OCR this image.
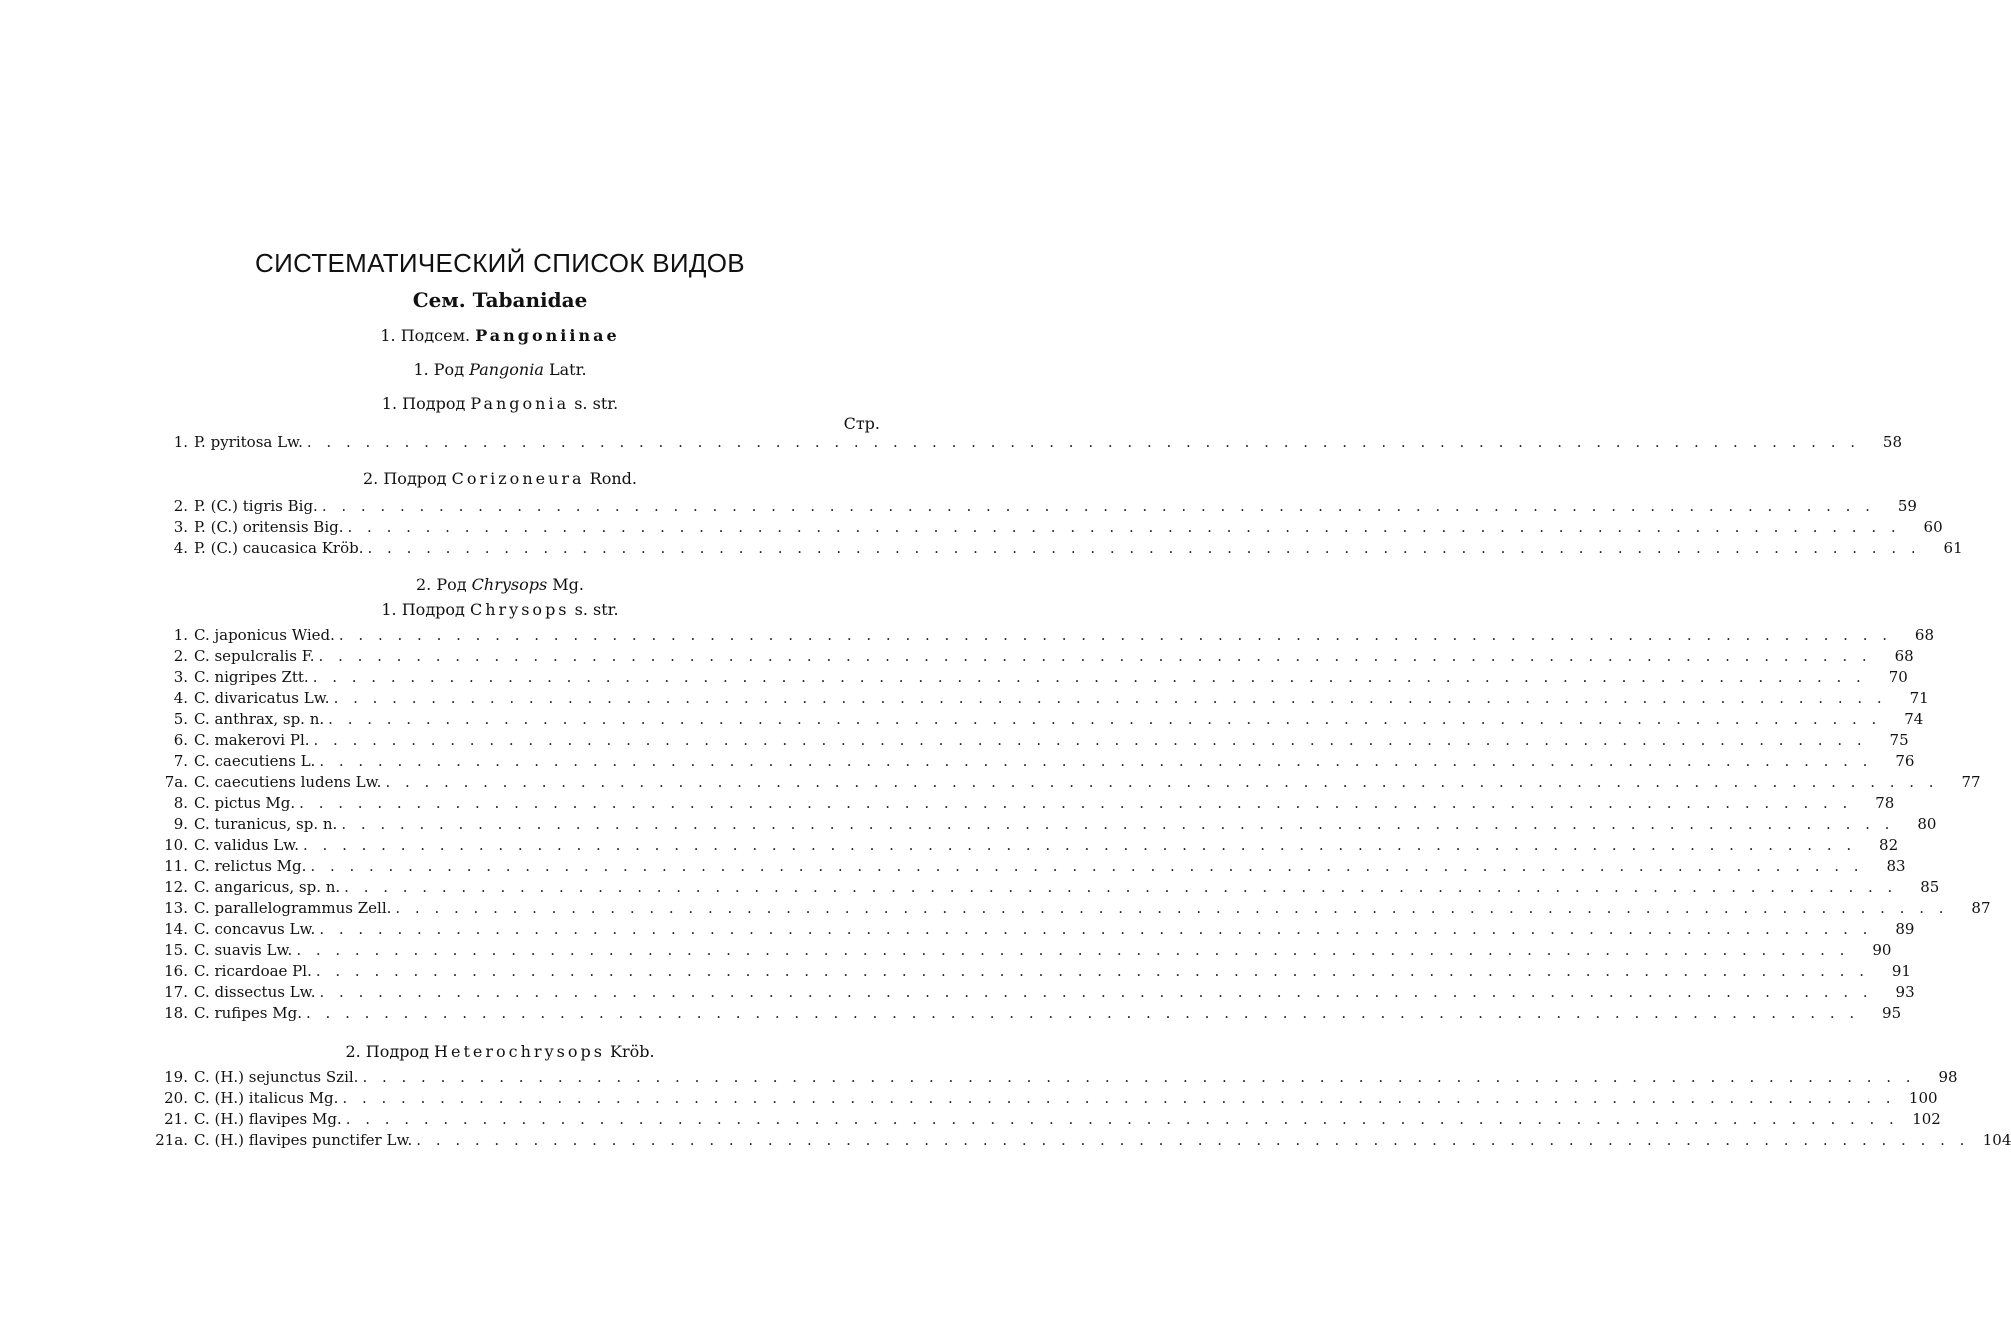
СИСТЕМАТИЧЕСКИЙ СПИСОК ВИДОВ
Сем. Tabanidae
1. Подсем. Pangoniinae
1. Род Pangonia Latr.
1. Подрод Pangonia s. str.
Стр.
1. P. pyritosa Lw. . . . . . . . . . . . . . . . . . . . . . . . . . . . . . . . . . . . . . . . . . . . . . . . . . . . . . . . . . . . . . . . . . . . . . . . . . . . . . . . .	58
2. Подрод Corizoneura Rond.
2. P. (C.) tigris Big. . . . . . . . . . . . . . . . . . . . . . . . . . . . . . . . . . . . . . . . . . . . . . . . . . . . . . . . . . . . . . . . . . . . . . . . . . . . . . . . .	59
3. P. (C.) oritensis Big. . . . . . . . . . . . . . . . . . . . . . . . . . . . . . . . . . . . . . . . . . . . . . . . . . . . . . . . . . . . . . . . . . . . . . . . . . . . . . . . .	60
4. P. (C.) caucasica Kröb. . . . . . . . . . . . . . . . . . . . . . . . . . . . . . . . . . . . . . . . . . . . . . . . . . . . . . . . . . . . . . . . . . . . . . . . . . . . . . . . .	61
2. Род Chrysops Mg.
1. Подрод Chrysops s. str.
1. C. japonicus Wied. . . . . . . . . . . . . . . . . . . . . . . . . . . . . . . . . . . . . . . . . . . . . . . . . . . . . . . . . . . . . . . . . . . . . . . . . . . . . . . . .	68
2. C. sepulcralis F. . . . . . . . . . . . . . . . . . . . . . . . . . . . . . . . . . . . . . . . . . . . . . . . . . . . . . . . . . . . . . . . . . . . . . . . . . . . . . . . .	68
3. C. nigripes Ztt. . . . . . . . . . . . . . . . . . . . . . . . . . . . . . . . . . . . . . . . . . . . . . . . . . . . . . . . . . . . . . . . . . . . . . . . . . . . . . . . .	70
4. C. divaricatus Lw. . . . . . . . . . . . . . . . . . . . . . . . . . . . . . . . . . . . . . . . . . . . . . . . . . . . . . . . . . . . . . . . . . . . . . . . . . . . . . . . .	71
5. C. anthrax, sp. n. . . . . . . . . . . . . . . . . . . . . . . . . . . . . . . . . . . . . . . . . . . . . . . . . . . . . . . . . . . . . . . . . . . . . . . . . . . . . . . . .	74
6. C. makerovi Pl. . . . . . . . . . . . . . . . . . . . . . . . . . . . . . . . . . . . . . . . . . . . . . . . . . . . . . . . . . . . . . . . . . . . . . . . . . . . . . . . .	75
7. C. caecutiens L. . . . . . . . . . . . . . . . . . . . . . . . . . . . . . . . . . . . . . . . . . . . . . . . . . . . . . . . . . . . . . . . . . . . . . . . . . . . . . . . .	76
7a. C. caecutiens ludens Lw. . . . . . . . . . . . . . . . . . . . . . . . . . . . . . . . . . . . . . . . . . . . . . . . . . . . . . . . . . . . . . . . . . . . . . . . . . . . . . . . .	77
8. C. pictus Mg. . . . . . . . . . . . . . . . . . . . . . . . . . . . . . . . . . . . . . . . . . . . . . . . . . . . . . . . . . . . . . . . . . . . . . . . . . . . . . . . .	78
9. C. turanicus, sp. n. . . . . . . . . . . . . . . . . . . . . . . . . . . . . . . . . . . . . . . . . . . . . . . . . . . . . . . . . . . . . . . . . . . . . . . . . . . . . . . . .	80
10. C. validus Lw. . . . . . . . . . . . . . . . . . . . . . . . . . . . . . . . . . . . . . . . . . . . . . . . . . . . . . . . . . . . . . . . . . . . . . . . . . . . . . . . .	82
11. C. relictus Mg. . . . . . . . . . . . . . . . . . . . . . . . . . . . . . . . . . . . . . . . . . . . . . . . . . . . . . . . . . . . . . . . . . . . . . . . . . . . . . . . .	83
12. C. angaricus, sp. n. . . . . . . . . . . . . . . . . . . . . . . . . . . . . . . . . . . . . . . . . . . . . . . . . . . . . . . . . . . . . . . . . . . . . . . . . . . . . . . . .	85
13. C. parallelogrammus Zell. . . . . . . . . . . . . . . . . . . . . . . . . . . . . . . . . . . . . . . . . . . . . . . . . . . . . . . . . . . . . . . . . . . . . . . . . . . . . . . . .	87
14. C. concavus Lw. . . . . . . . . . . . . . . . . . . . . . . . . . . . . . . . . . . . . . . . . . . . . . . . . . . . . . . . . . . . . . . . . . . . . . . . . . . . . . . . .	89
15. C. suavis Lw. . . . . . . . . . . . . . . . . . . . . . . . . . . . . . . . . . . . . . . . . . . . . . . . . . . . . . . . . . . . . . . . . . . . . . . . . . . . . . . . .	90
16. C. ricardoae Pl. . . . . . . . . . . . . . . . . . . . . . . . . . . . . . . . . . . . . . . . . . . . . . . . . . . . . . . . . . . . . . . . . . . . . . . . . . . . . . . . .	91
17. C. dissectus Lw. . . . . . . . . . . . . . . . . . . . . . . . . . . . . . . . . . . . . . . . . . . . . . . . . . . . . . . . . . . . . . . . . . . . . . . . . . . . . . . . .	93
18. C. rufipes Mg. . . . . . . . . . . . . . . . . . . . . . . . . . . . . . . . . . . . . . . . . . . . . . . . . . . . . . . . . . . . . . . . . . . . . . . . . . . . . . . . .	95
2. Подрод Heterochrysops Kröb.
19. C. (H.) sejunctus Szil. . . . . . . . . . . . . . . . . . . . . . . . . . . . . . . . . . . . . . . . . . . . . . . . . . . . . . . . . . . . . . . . . . . . . . . . . . . . . . . . .	98
20. C. (H.) italicus Mg. . . . . . . . . . . . . . . . . . . . . . . . . . . . . . . . . . . . . . . . . . . . . . . . . . . . . . . . . . . . . . . . . . . . . . . . . . . . . . . . . 100
21. C. (H.) flavipes Mg. . . . . . . . . . . . . . . . . . . . . . . . . . . . . . . . . . . . . . . . . . . . . . . . . . . . . . . . . . . . . . . . . . . . . . . . . . . . . . . . . 102
21a. C. (H.) flavipes punctifer Lw. . . . . . . . . . . . . . . . . . . . . . . . . . . . . . . . . . . . . . . . . . . . . . . . . . . . . . . . . . . . . . . . . . . . . . . . . . . . . . . . . 104
